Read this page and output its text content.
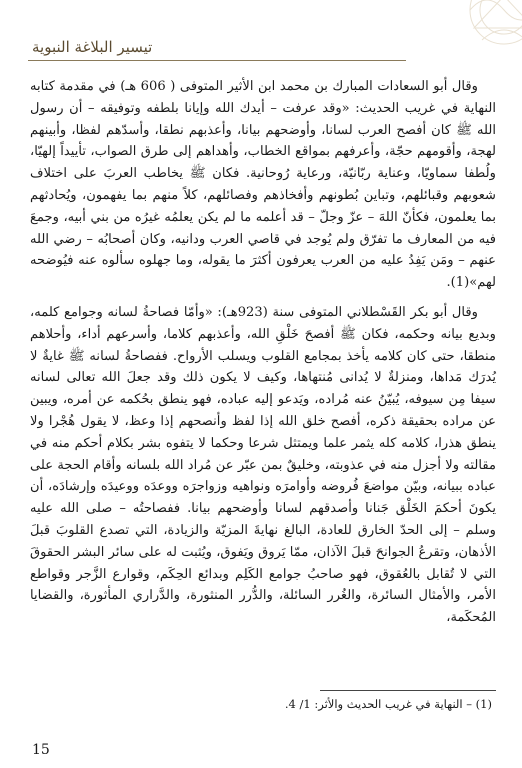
تيسير البلاغة النبوية

وقال أبو السعادات المبارك بن محمد ابن الأثير المتوفى ( 606 هـ) في مقدمة كتابه النهاية في غريب الحديث: «وقد عرفت – أيدك الله وإيانا بلطفه وتوفيقه – أن رسول الله ﷺ كان أفصح العرب لسانا، وأوضحهم بيانا، وأعذبهم نطقا، وأسدّهم لفظا، وأبينهم لهجة، وأقومهم حجّة، وأعرفهم بمواقع الخطاب، وأهداهم إلى طرق الصواب، تأييداً إلهيّا، ولُطفا سماويّا، وعناية ربّانيّة، ورعاية رُوحانية. فكان ﷺ يخاطب العربَ على اختلاف شعوبهم وقبائلهم، وتباين بُطونهم وأفخاذهم وفصائلهم، كلاً منهم بما يفهمون، ويُحادثهم بما يعلمون، فكأنّ اللهَ – عزّ وجلّ – قد أعلمه ما لم يكن يعلمُه غيرُه من بني أبيه، وجمعَ فيه من المعارف ما تفرّق ولم يُوجد في قاصي العرب ودانيه، وكان أصحابُه – رضي الله عنهم – ومَن يَفِدُ عليه من العرب يعرفون أكثرَ ما يقوله، وما جهلوه سألوه عنه فيُوضحه لهم»(1).

وقال أبو بكر القَسْطلاني المتوفى سنة (923هـ): «وأمّا فصاحةُ لسانه وجوامع كلمه، وبديع بيانه وحكمه، فكان ﷺ أفصحَ خَلْقِ الله، وأعذبهم كلاما، وأسرعهم أداء، وأحلاهم منطقا، حتى كان كلامه يأخذ بمجامع القلوب ويسلب الأرواح. ففصاحةُ لسانه ﷺ غايةٌ لا يُدرَك مَداها، ومنزلةٌ لا يُدانى مُنتهاها، وكيف لا يكون ذلك وقد جعلَ الله تعالى لسانه سيفا مِن سيوفه، يُبيّنُ عنه مُراده، ويَدعو إليه عباده، فهو ينطق بحُكمه عن أمره، ويبين عن مراده بحقيقة ذكره، أفصح خلق الله إذا لفظ وأنصحهم إذا وعظ، لا يقول هُجْرا ولا ينطق هذرا، كلامه كله يثمر علما ويمتثل شرعا وحكما لا يتفوه بشر بكلام أحكم منه في مقالته ولا أجزل منه في عذوبته، وخليقٌ بمن عبّر عن مُراد الله بلسانه وأقام الحجة على عباده ببيانه، وبيّن مواضعَ فُروضه وأوامرَه ونواهيه وزواجرَه ووعدَه ووعيدَه وإرشادَه، أن يكونَ أحكمَ الخَلْق جَنانا وأصدقهم لسانا وأوضحهم بيانا. ففصاحتُه – صلى الله عليه وسلم – إلى الحدّ الخارق للعادة، البالغ نهايةَ المزيّة والزيادة، التي تصدع القلوبَ قبلَ الأذهان، وتقرعُ الجوانحَ قبلَ الآذان، ممّا يَروق ويَفوق، ويُثبت له على سائر البشر الحقوقَ التي لا تُقابل بالعُقوق، فهو صاحبُ جوامع الكَلِم وبدائع الحِكَم، وقوارع الزَّجر وقواطع الأمر، والأمثال السائرة، والغُرر السائلة، والدُّرر المنثورة، والدَّراري المأثورة، والقضايا المُحكَمة،

(1) – النهاية في غريب الحديث والأثر: 1/ 4.
15
